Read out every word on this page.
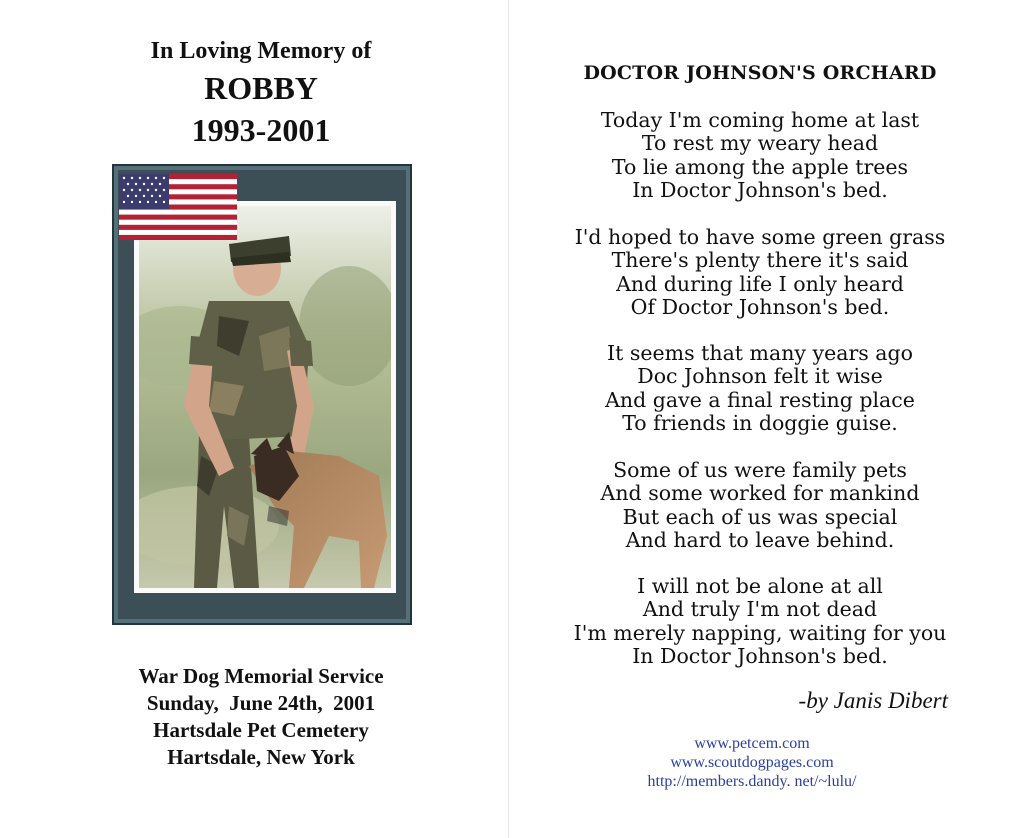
In Loving Memory of
ROBBY
1993-2001
War Dog Memorial Service
Sunday,  June 24th,  2001
Hartsdale Pet Cemetery
Hartsdale, New York
DOCTOR JOHNSON'S ORCHARD
Today I'm coming home at last
To rest my weary head
To lie among the apple trees
In Doctor Johnson's bed.
I'd hoped to have some green grass
There's plenty there it's said
And during life I only heard
Of Doctor Johnson's bed.
It seems that many years ago
Doc Johnson felt it wise
And gave a final resting place
To friends in doggie guise.
Some of us were family pets
And some worked for mankind
But each of us was special
And hard to leave behind.
I will not be alone at all
And truly I'm not dead
I'm merely napping, waiting for you
In Doctor Johnson's bed.
-by Janis Dibert
www.petcem.com
www.scoutdogpages.com
http://members.dandy. net/~lulu/
